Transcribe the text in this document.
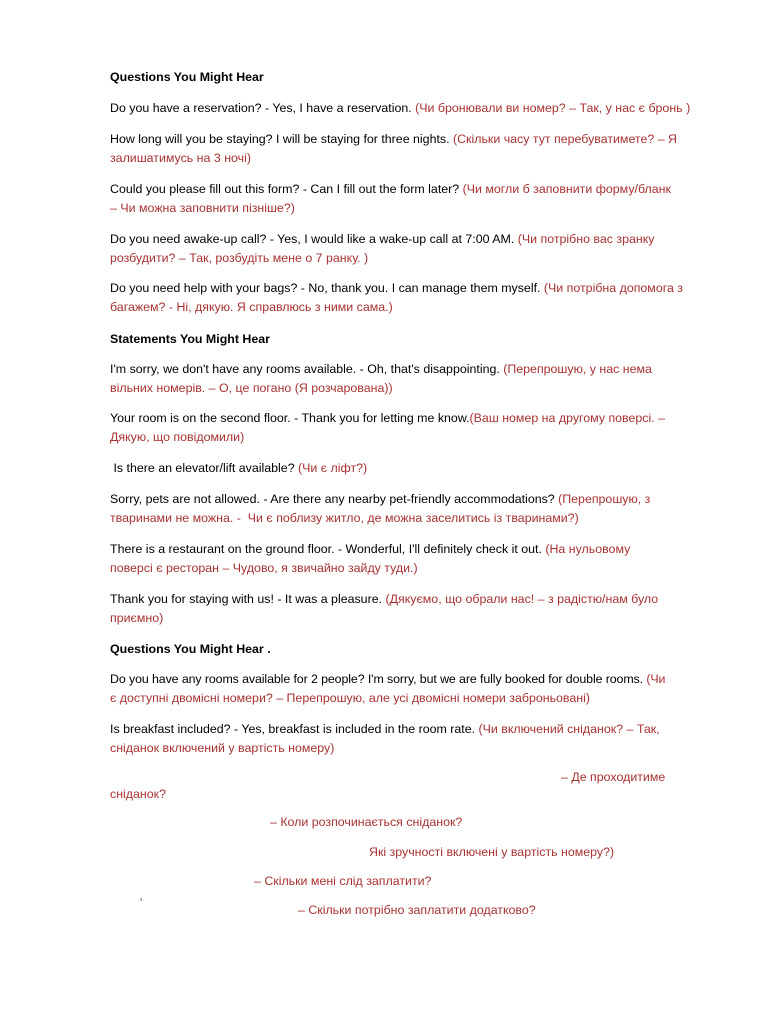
Questions You Might Hear
Do you have a reservation? - Yes, I have a reservation. (Чи бронювали ви номер? – Так, у нас є бронь )
How long will you be staying? I will be staying for three nights. (Скільки часу тут перебуватимете? – Я
залишатимусь на 3 ночі)
Could you please fill out this form? - Can I fill out the form later? (Чи могли б заповнити форму/бланк
– Чи можна заповнити пізніше?)
Do you need awake-up call? - Yes, I would like a wake-up call at 7:00 AM. (Чи потрібно вас зранку
розбудити? – Так, розбудіть мене о 7 ранку. )
Do you need help with your bags? - No, thank you. I can manage them myself. (Чи потрібна допомога з
багажем? - Ні, дякую. Я справлюсь з ними сама.)
Statements You Might Hear
I'm sorry, we don't have any rooms available. - Oh, that's disappointing. (Перепрошую, у нас нема
вільних номерів. – О, це погано (Я розчарована))
Your room is on the second floor. - Thank you for letting me know.(Ваш номер на другому поверсі. –
Дякую, що повідомили)
Is there an elevator/lift available? (Чи є ліфт?)
Sorry, pets are not allowed. - Are there any nearby pet-friendly accommodations? (Перепрошую, з
тваринами не можна. -  Чи є поблизу житло, де можна заселитись із тваринами?)
There is a restaurant on the ground floor. - Wonderful, I'll definitely check it out. (На нульовому
поверсі є ресторан – Чудово, я звичайно зайду туди.)
Thank you for staying with us! - It was a pleasure. (Дякуємо, що обрали нас! – з радістю/нам було
приємно)
Questions You Might Hear .
Do you have any rooms available for 2 people? I'm sorry, but we are fully booked for double rooms. (Чи
є доступні двомісні номери? – Перепрошую, але усі двомісні номери заброньовані)
Is breakfast included? - Yes, breakfast is included in the room rate. (Чи включений сніданок? – Так,
сніданок включений у вартість номеру)
– Де проходитиме
сніданок?
– Коли розпочинається сніданок?
Які зручності включені у вартість номеру?)
– Скільки мені слід заплатити?
ʼ	– Скільки потрібно заплатити додатково?
